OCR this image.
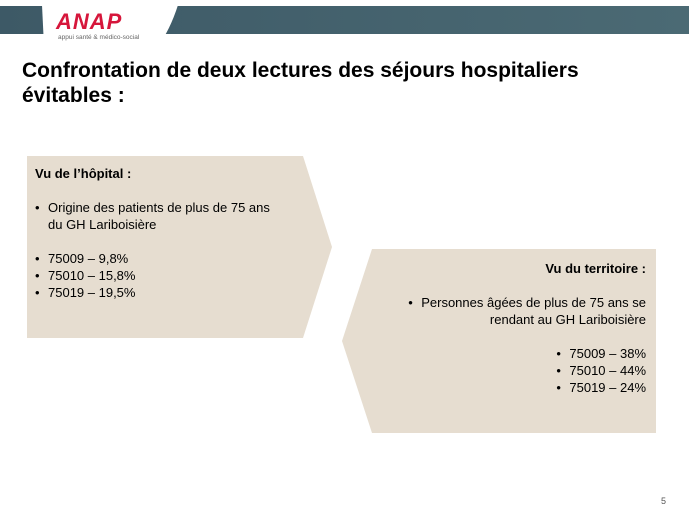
ANAP
appui santé & médico-social
Confrontation de deux lectures des séjours hospitaliers
évitables :
Vu de l’hôpital :
• Origine des patients de plus de 75 ans
du GH Lariboisière
• 75009 – 9,8%
• 75010 – 15,8%
• 75019 – 19,5%
Vu du territoire :
• Personnes âgées de plus de 75 ans se
rendant au GH Lariboisière
• 75009 – 38%
• 75010 – 44%
• 75019 – 24%
5
